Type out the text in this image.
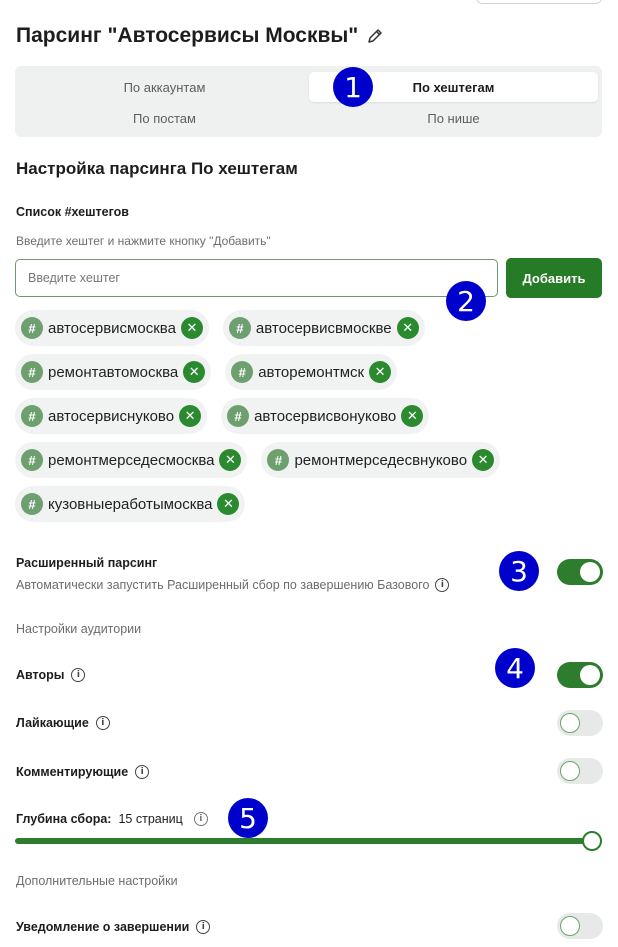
Парсинг "Автосервисы Москвы"
По аккаунтам	По хештегам
По постам	По нише
1
Настройка парсинга По хештегам
Список #хештегов
Введите хештег и нажмите кнопку "Добавить"
Введите хештег
Добавить
2
# автосервисмосква ✕	# автосервисвмоскве ✕
# ремонтавтомосква ✕	# авторемонтмск ✕
# автосервиснуково ✕	# автосервисвонуково ✕
# ремонтмерседесмосква ✕	# ремонтмерседесвнуково ✕
# кузовныеработымосква ✕
Расширенный парсинг
Автоматически запустить Расширенный сбор по завершению Базового	i	3
Настройки аудитории
Авторы	i	4
Лайкающие	i
Комментирующие	i
Глубина сбора: 15 страниц	i	5
Дополнительные настройки
Уведомление о завершении	i
